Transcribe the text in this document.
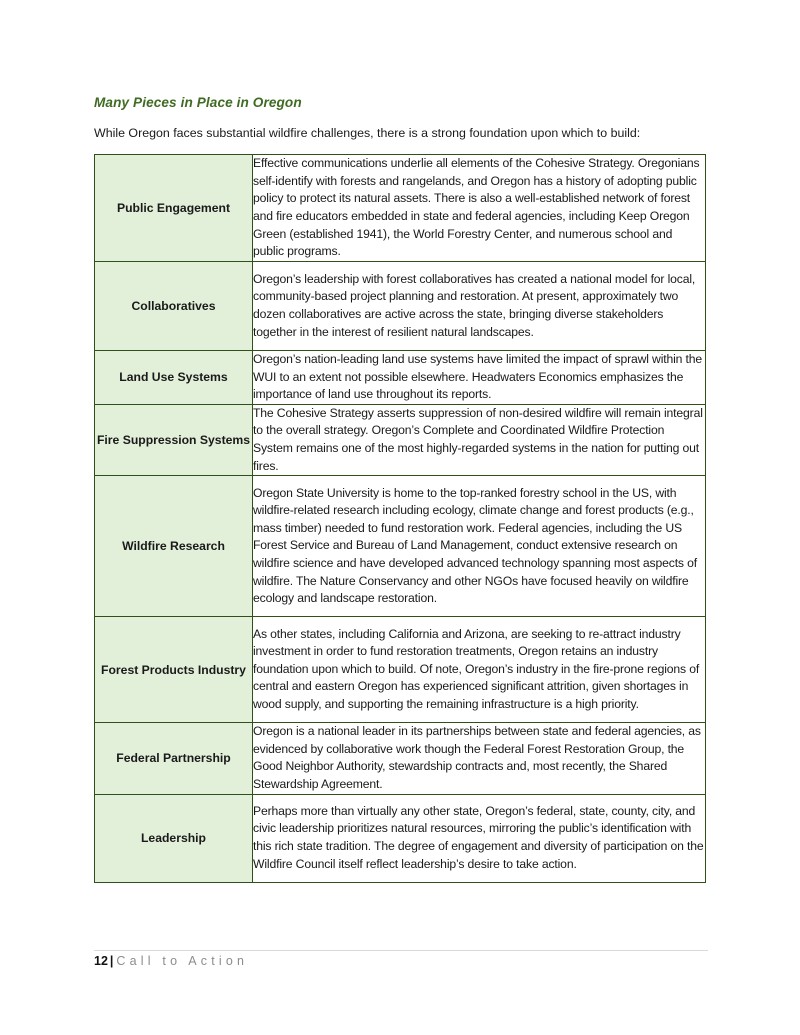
Many Pieces in Place in Oregon

While Oregon faces substantial wildfire challenges, there is a strong foundation upon which to build:

Public Engagement	Effective communications underlie all elements of the Cohesive Strategy. Oregonians self-identify with forests and rangelands, and Oregon has a history of adopting public policy to protect its natural assets. There is also a well-established network of forest and fire educators embedded in state and federal agencies, including Keep Oregon Green (established 1941), the World Forestry Center, and numerous school and public programs.
Collaboratives	Oregon’s leadership with forest collaboratives has created a national model for local, community-based project planning and restoration. At present, approximately two dozen collaboratives are active across the state, bringing diverse stakeholders together in the interest of resilient natural landscapes.
Land Use Systems	Oregon’s nation-leading land use systems have limited the impact of sprawl within the WUI to an extent not possible elsewhere. Headwaters Economics emphasizes the importance of land use throughout its reports.
Fire Suppression Systems	The Cohesive Strategy asserts suppression of non-desired wildfire will remain integral to the overall strategy. Oregon’s Complete and Coordinated Wildfire Protection System remains one of the most highly-regarded systems in the nation for putting out fires.
Wildfire Research	Oregon State University is home to the top-ranked forestry school in the US, with wildfire-related research including ecology, climate change and forest products (e.g., mass timber) needed to fund restoration work. Federal agencies, including the US Forest Service and Bureau of Land Management, conduct extensive research on wildfire science and have developed advanced technology spanning most aspects of wildfire. The Nature Conservancy and other NGOs have focused heavily on wildfire ecology and landscape restoration.
Forest Products Industry	As other states, including California and Arizona, are seeking to re-attract industry investment in order to fund restoration treatments, Oregon retains an industry foundation upon which to build. Of note, Oregon’s industry in the fire-prone regions of central and eastern Oregon has experienced significant attrition, given shortages in wood supply, and supporting the remaining infrastructure is a high priority.
Federal Partnership	Oregon is a national leader in its partnerships between state and federal agencies, as evidenced by collaborative work though the Federal Forest Restoration Group, the Good Neighbor Authority, stewardship contracts and, most recently, the Shared Stewardship Agreement.
Leadership	Perhaps more than virtually any other state, Oregon’s federal, state, county, city, and civic leadership prioritizes natural resources, mirroring the public’s identification with this rich state tradition. The degree of engagement and diversity of participation on the Wildfire Council itself reflect leadership’s desire to take action.
12 | Call to Action
